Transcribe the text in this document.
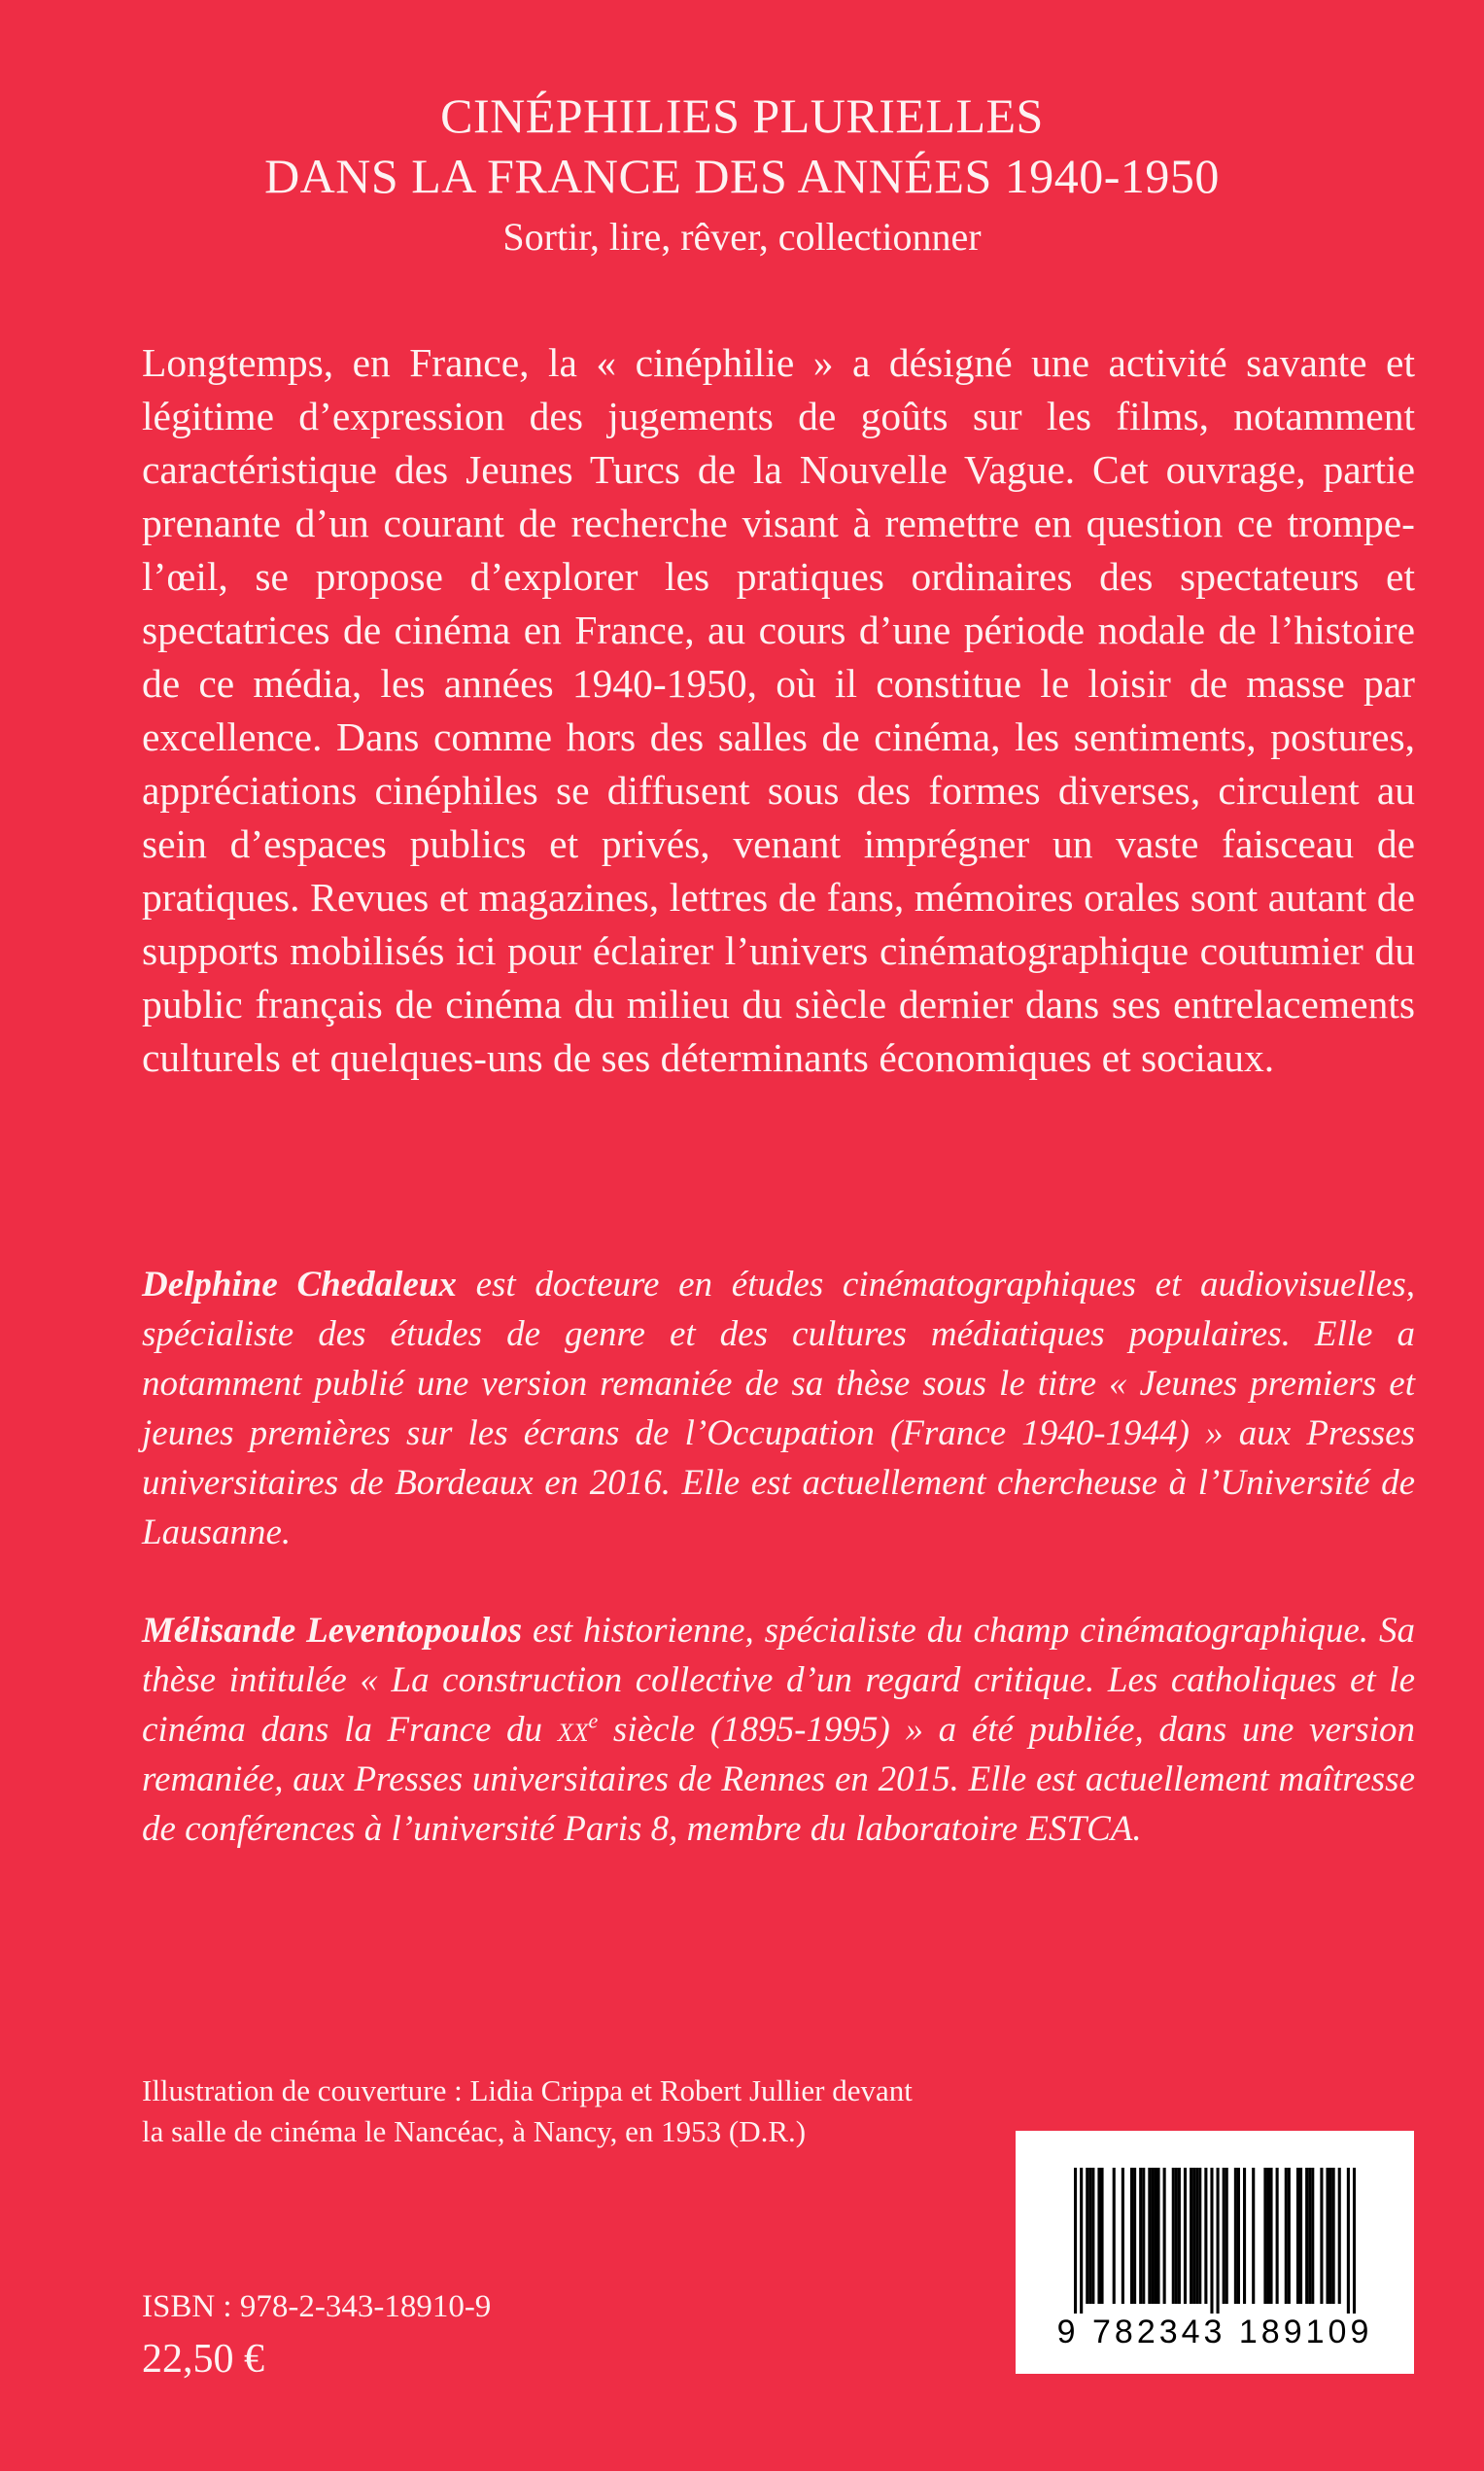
CINÉPHILIES PLURIELLES
DANS LA FRANCE DES ANNÉES 1940-1950
Sortir, lire, rêver, collectionner
Longtemps, en France, la « cinéphilie » a désigné une activité savante et légitime d’expression des jugements de goûts sur les films, notamment caractéristique des Jeunes Turcs de la Nouvelle Vague. Cet ouvrage, partie prenante d’un courant de recherche visant à remettre en question ce trompe-l’œil, se propose d’explorer les pratiques ordinaires des spectateurs et spectatrices de cinéma en France, au cours d’une période nodale de l’histoire de ce média, les années 1940-1950, où il constitue le loisir de masse par excellence. Dans comme hors des salles de cinéma, les sentiments, postures, appréciations cinéphiles se diffusent sous des formes diverses, circulent au sein d’espaces publics et privés, venant imprégner un vaste faisceau de pratiques. Revues et magazines, lettres de fans, mémoires orales sont autant de supports mobilisés ici pour éclairer l’univers cinématographique coutumier du public français de cinéma du milieu du siècle dernier dans ses entrelacements culturels et quelques-uns de ses déterminants économiques et sociaux.
Delphine Chedaleux est docteure en études cinématographiques et audiovisuelles, spécialiste des études de genre et des cultures médiatiques populaires. Elle a notamment publié une version remaniée de sa thèse sous le titre « Jeunes premiers et jeunes premières sur les écrans de l’Occupation (France 1940-1944) » aux Presses universitaires de Bordeaux en 2016. Elle est actuellement chercheuse à l’Université de Lausanne.
Mélisande Leventopoulos est historienne, spécialiste du champ cinématographique. Sa thèse intitulée « La construction collective d’un regard critique. Les catholiques et le cinéma dans la France du $xx^e$ siècle (1895-1995) » a été publiée, dans une version remaniée, aux Presses universitaires de Rennes en 2015. Elle est actuellement maîtresse de conférences à l’université Paris 8, membre du laboratoire ESTCA.
Illustration de couverture : Lidia Crippa et Robert Jullier devant
la salle de cinéma le Nancéac, à Nancy, en 1953 (D.R.)
ISBN : 978-2-343-18910-9
22,50 €
9 782343 189109
